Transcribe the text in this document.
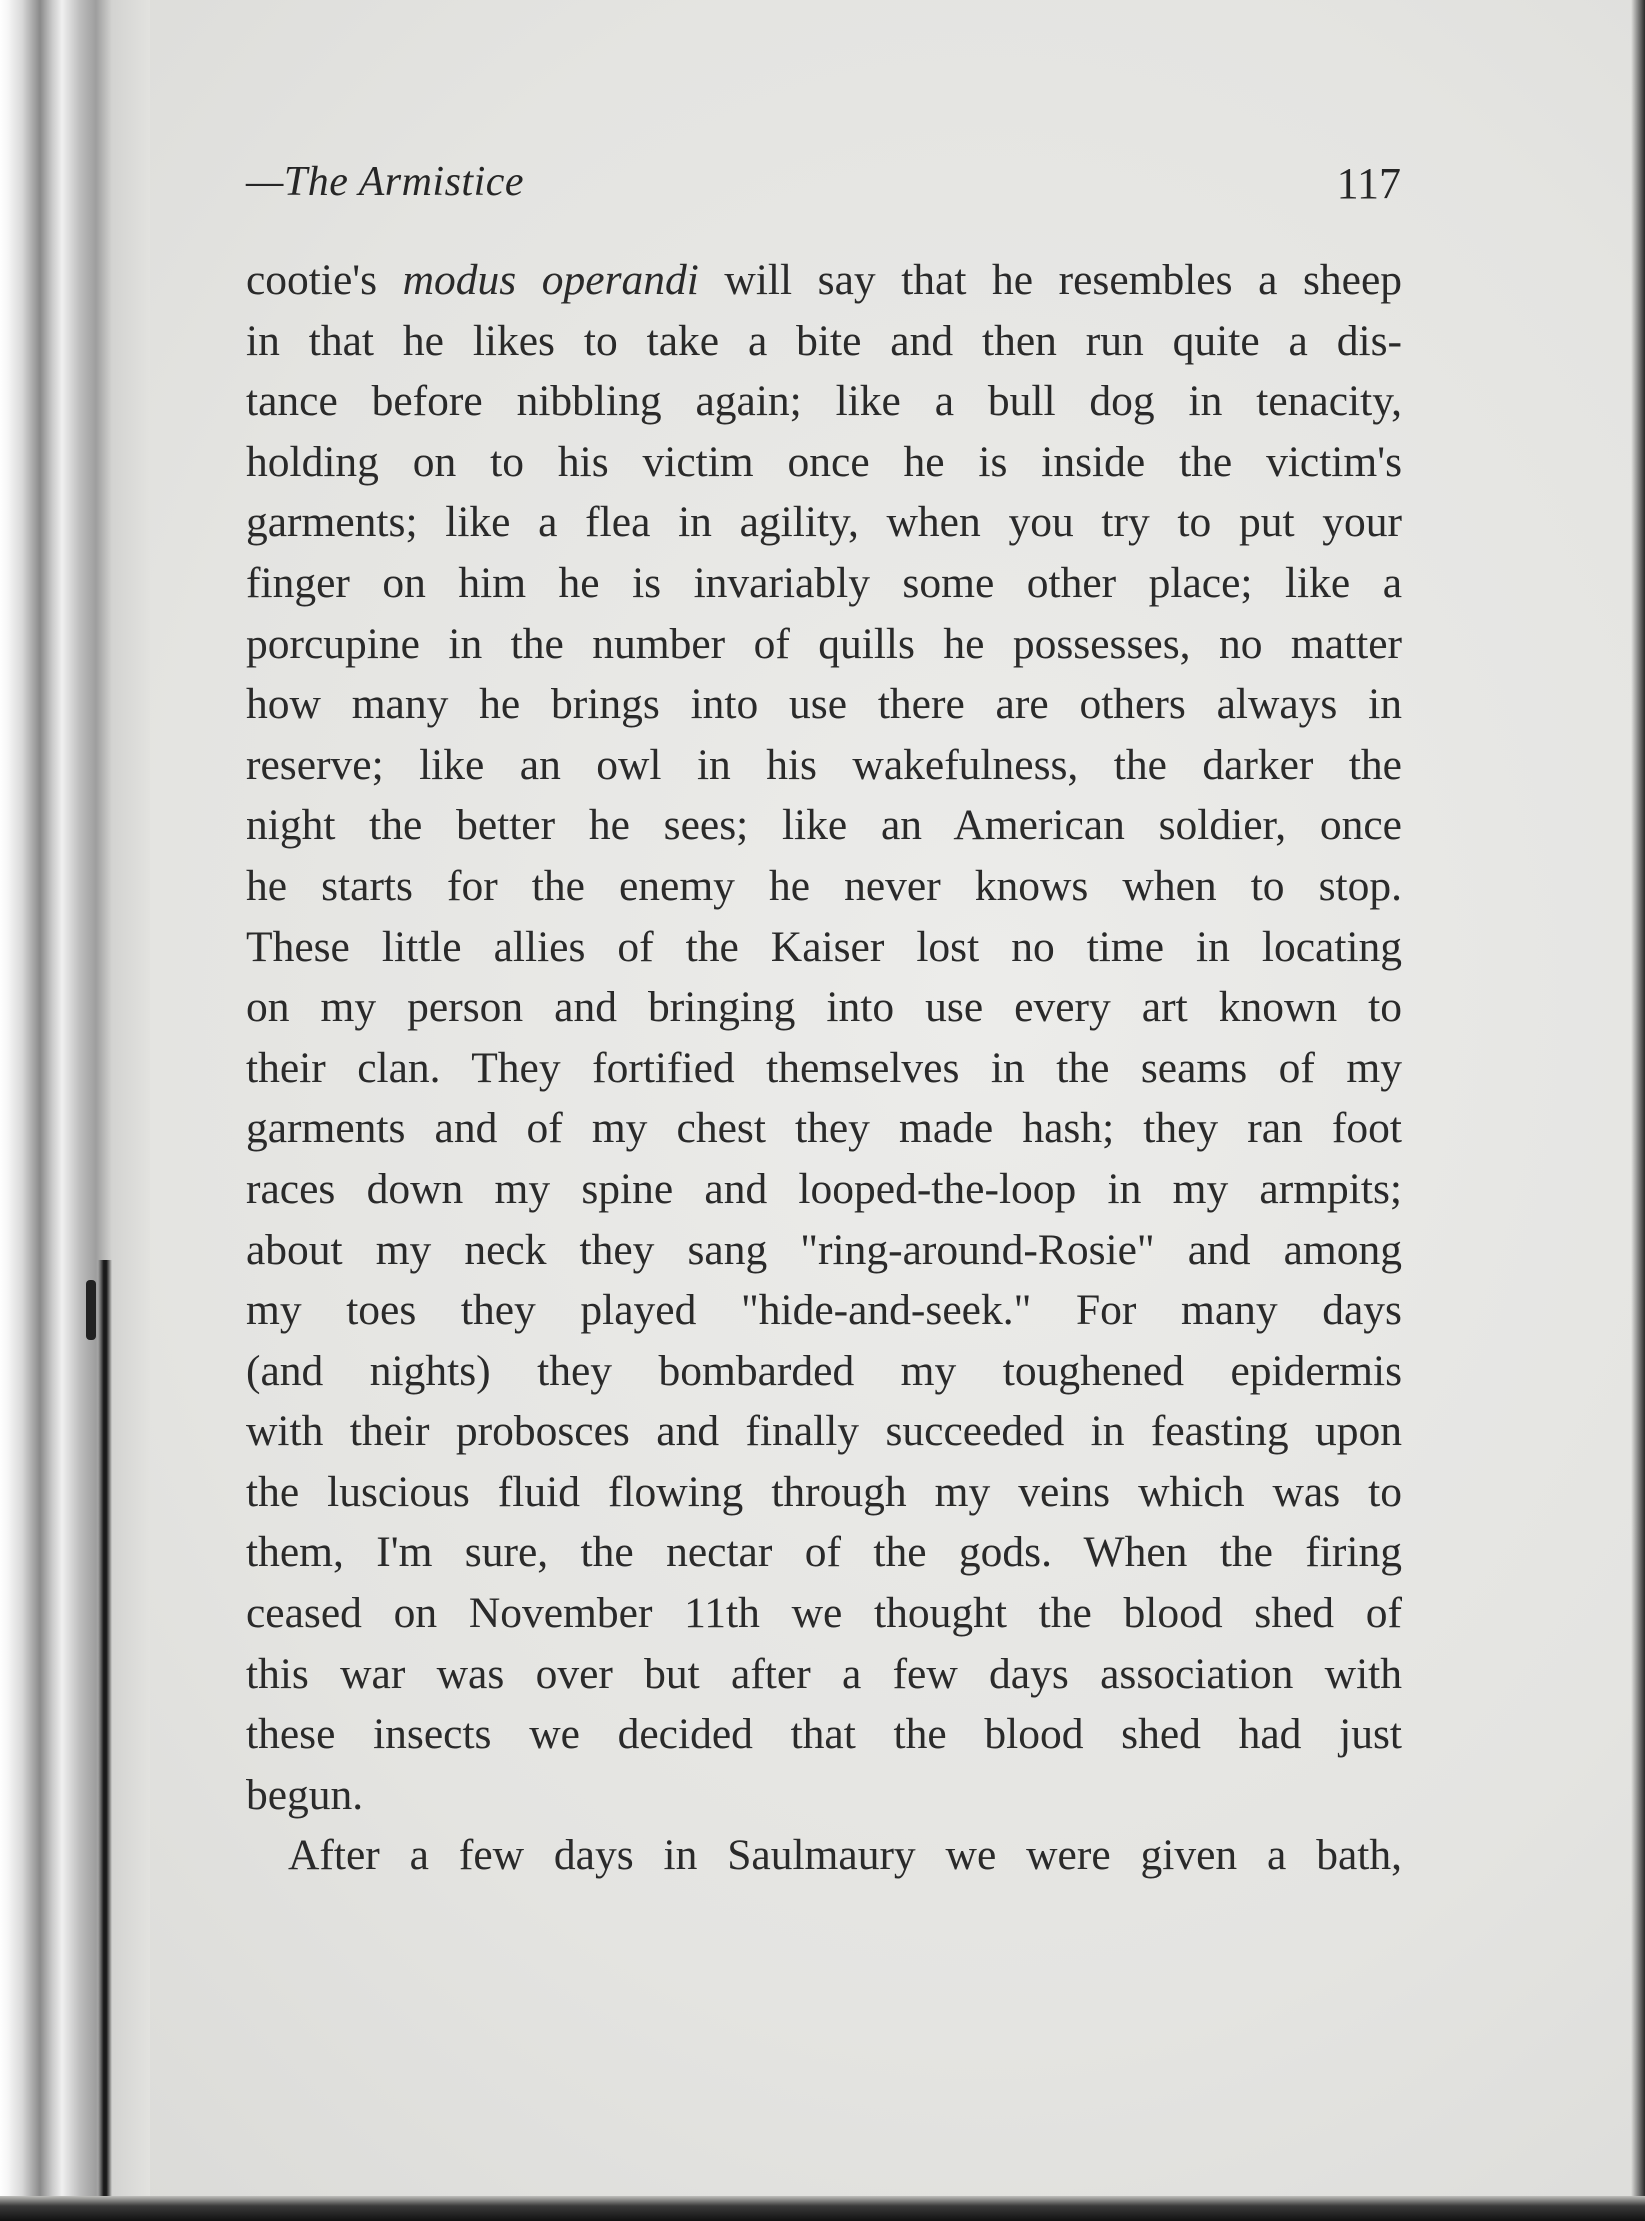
—The Armistice	117
cootie's modus operandi will say that he resembles a sheep
in that he likes to take a bite and then run quite a dis-
tance before nibbling again; like a bull dog in tenacity,
holding on to his victim once he is inside the victim's
garments; like a flea in agility, when you try to put your
finger on him he is invariably some other place; like a
porcupine in the number of quills he possesses, no matter
how many he brings into use there are others always in
reserve; like an owl in his wakefulness, the darker the
night the better he sees; like an American soldier, once
he starts for the enemy he never knows when to stop.
These little allies of the Kaiser lost no time in locating
on my person and bringing into use every art known to
their clan. They fortified themselves in the seams of my
garments and of my chest they made hash; they ran foot
races down my spine and looped-the-loop in my armpits;
about my neck they sang "ring-around-Rosie" and among
my toes they played "hide-and-seek." For many days
(and nights) they bombarded my toughened epidermis
with their probosces and finally succeeded in feasting upon
the luscious fluid flowing through my veins which was to
them, I'm sure, the nectar of the gods. When the firing
ceased on November 11th we thought the blood shed of
this war was over but after a few days association with
these insects we decided that the blood shed had just
begun.
After a few days in Saulmaury we were given a bath,
